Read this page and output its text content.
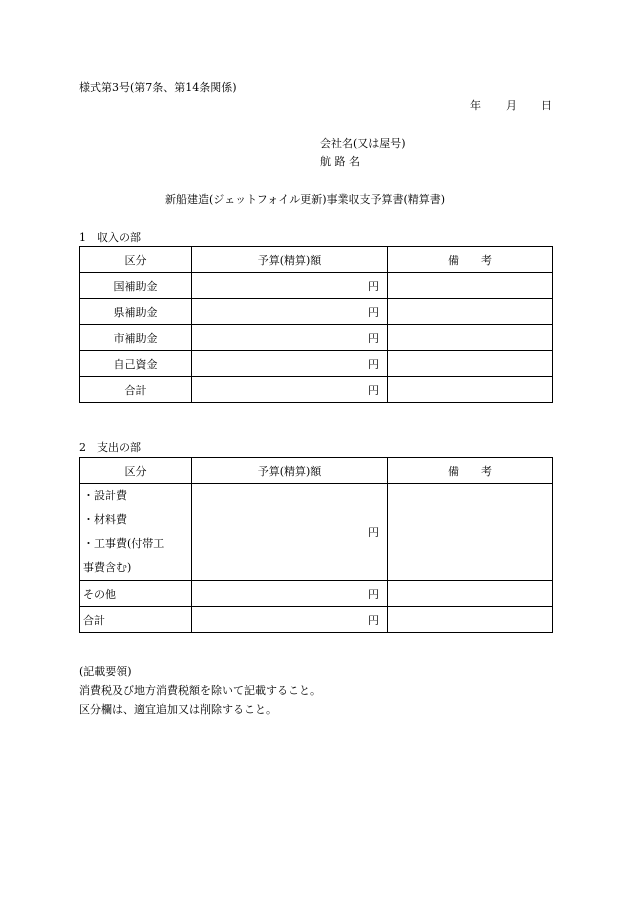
様式第3号(第7条、第14条関係)
年 月 日
会社名(又は屋号)
航 路 名
新船建造(ジェットフォイル更新)事業収支予算書(精算書)
1　収入の部
区分	予算(精算)額	備　　考
国補助金	円	
県補助金	円	
市補助金	円	
自己資金	円	
合計	円	
2　支出の部
区分	予算(精算)額	備　　考

・設計費
・材料費
・工事費(付帯工
事費含む)	円	
その他	円	
合計	円	
(記載要領)
消費税及び地方消費税額を除いて記載すること。
区分欄は、適宜追加又は削除すること。
